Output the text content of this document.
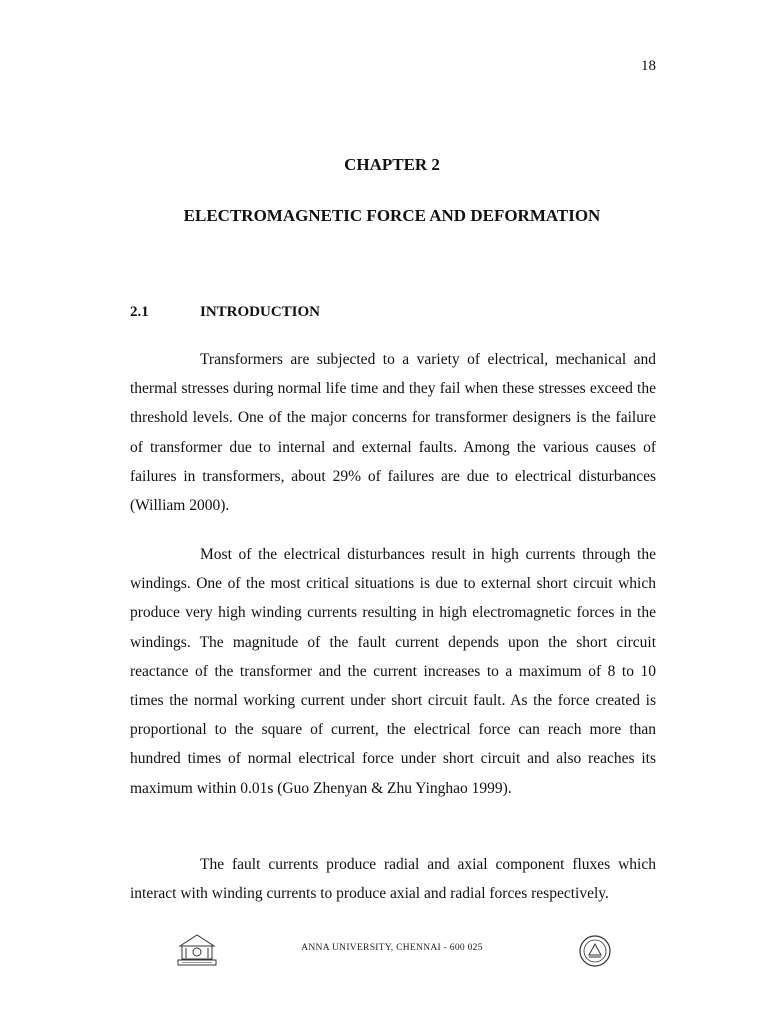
18
CHAPTER 2
ELECTROMAGNETIC FORCE AND DEFORMATION
2.1	INTRODUCTION

Transformers are subjected to a variety of electrical, mechanical and thermal stresses during normal life time and they fail when these stresses exceed the threshold levels. One of the major concerns for transformer designers is the failure of transformer due to internal and external faults. Among the various causes of failures in transformers, about 29% of failures are due to electrical disturbances (William 2000).

Most of the electrical disturbances result in high currents through the windings. One of the most critical situations is due to external short circuit which produce very high winding currents resulting in high electromagnetic forces in the windings. The magnitude of the fault current depends upon the short circuit reactance of the transformer and the current increases to a maximum of 8 to 10 times the normal working current under short circuit fault. As the force created is proportional to the square of current, the electrical force can reach more than hundred times of normal electrical force under short circuit and also reaches its maximum within 0.01s (Guo Zhenyan & Zhu Yinghao 1999).

The fault currents produce radial and axial component fluxes which interact with winding currents to produce axial and radial forces respectively.

ANNA UNIVERSITY, CHENNAI - 600 025
